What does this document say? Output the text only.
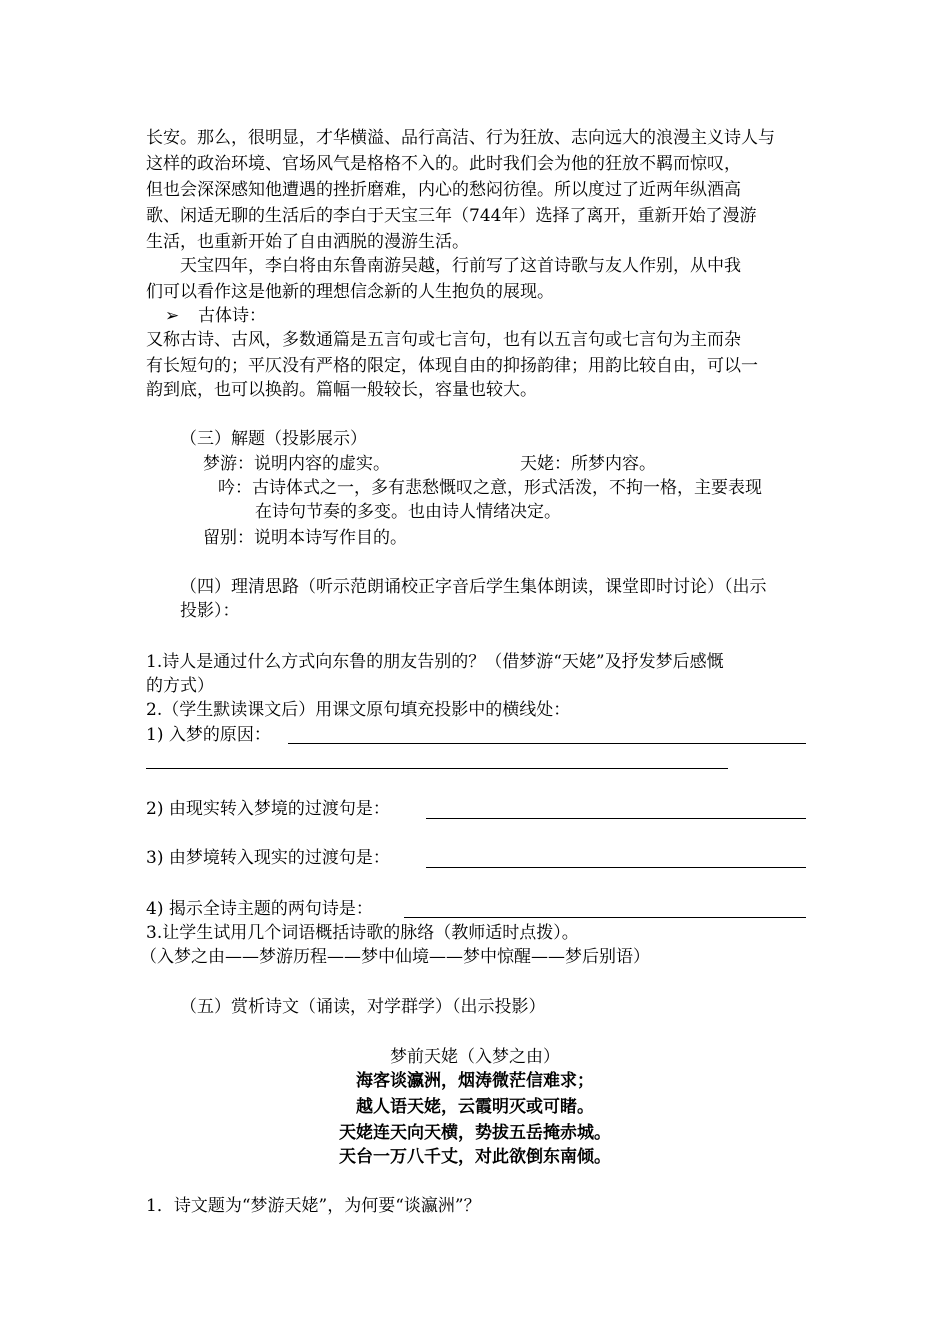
长安。那么，很明显，才华横溢、品行高洁、行为狂放、志向远大的浪漫主义诗人与
这样的政治环境、官场风气是格格不入的。此时我们会为他的狂放不羁而惊叹，
但也会深深感知他遭遇的挫折磨难，内心的愁闷彷徨。所以度过了近两年纵酒高
歌、闲适无聊的生活后的李白于天宝三年（744年）选择了离开，重新开始了漫游
生活，也重新开始了自由洒脱的漫游生活。
天宝四年，李白将由东鲁南游吴越，行前写了这首诗歌与友人作别，从中我
们可以看作这是他新的理想信念新的人生抱负的展现。
➢ 古体诗：
又称古诗、古风，多数通篇是五言句或七言句，也有以五言句或七言句为主而杂
有长短句的；平仄没有严格的限定，体现自由的抑扬韵律；用韵比较自由，可以一
韵到底，也可以换韵。篇幅一般较长，容量也较大。
（三）解题（投影展示）
梦游：说明内容的虚实。	天姥：所梦内容。
吟：古诗体式之一，多有悲愁慨叹之意，形式活泼，不拘一格，主要表现
在诗句节奏的多变。也由诗人情绪决定。
留别：说明本诗写作目的。
（四）理清思路（听示范朗诵校正字音后学生集体朗读，课堂即时讨论）（出示
投影）：
1.诗人是通过什么方式向东鲁的朋友告别的？（借梦游“天姥”及抒发梦后感慨
的方式）
2.（学生默读课文后）用课文原句填充投影中的横线处：
1) 入梦的原因：
2) 由现实转入梦境的过渡句是：
3) 由梦境转入现实的过渡句是：
4) 揭示全诗主题的两句诗是：
3.让学生试用几个词语概括诗歌的脉络（教师适时点拨）。
（入梦之由——梦游历程——梦中仙境——梦中惊醒——梦后别语）
（五）赏析诗文（诵读，对学群学）（出示投影）
梦前天姥（入梦之由）
海客谈瀛洲，烟涛微茫信难求；
越人语天姥，云霞明灭或可睹。
天姥连天向天横，势拔五岳掩赤城。
天台一万八千丈，对此欲倒东南倾。
1．诗文题为“梦游天姥”，为何要“谈瀛洲”？
